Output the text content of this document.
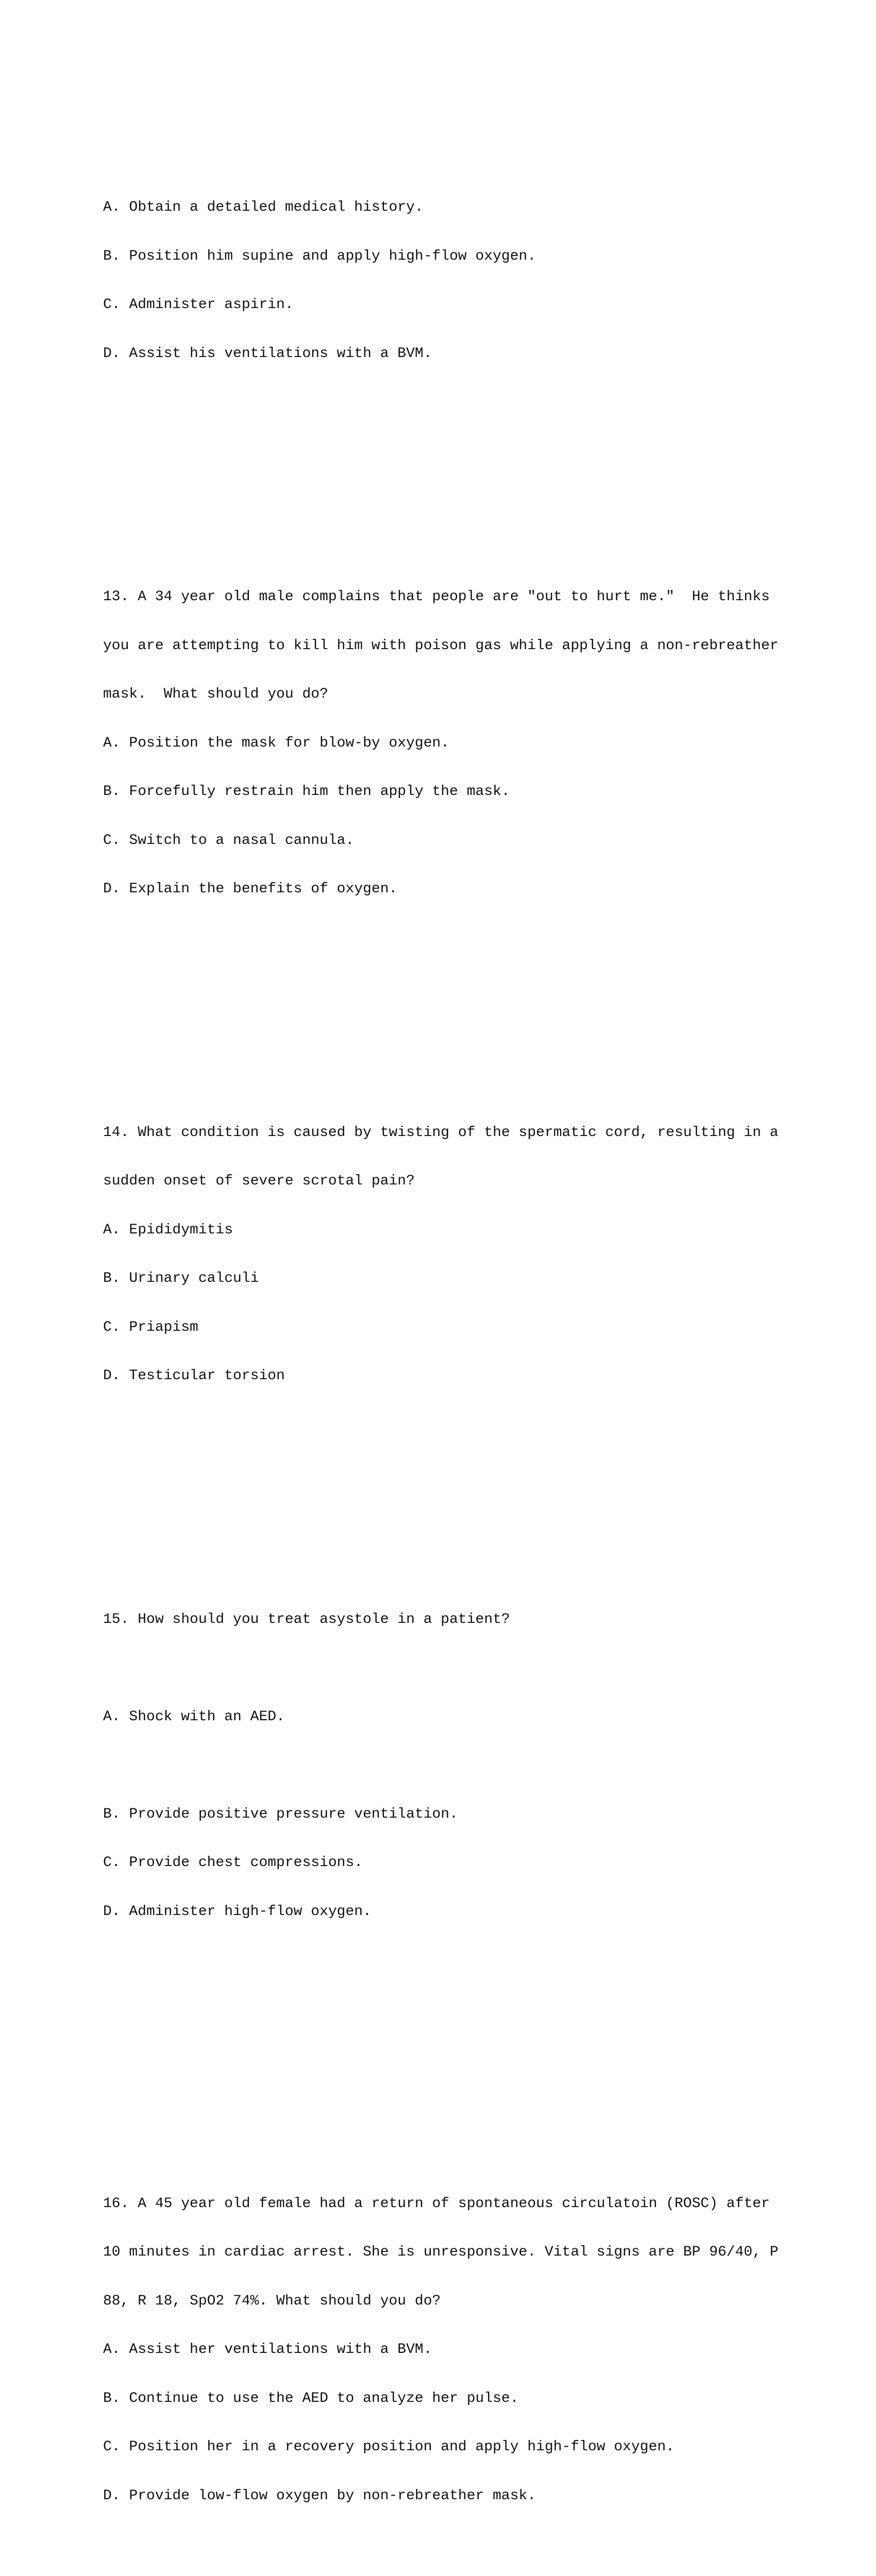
A. Obtain a detailed medical history.

B. Position him supine and apply high-flow oxygen.

C. Administer aspirin.

D. Assist his ventilations with a BVM.

13. A 34 year old male complains that people are "out to hurt me."  He thinks

you are attempting to kill him with poison gas while applying a non-rebreather

mask.  What should you do?

A. Position the mask for blow-by oxygen.

B. Forcefully restrain him then apply the mask.

C. Switch to a nasal cannula.

D. Explain the benefits of oxygen.

14. What condition is caused by twisting of the spermatic cord, resulting in a

sudden onset of severe scrotal pain?

A. Epididymitis

B. Urinary calculi

C. Priapism

D. Testicular torsion

15. How should you treat asystole in a patient?

A. Shock with an AED.

B. Provide positive pressure ventilation.

C. Provide chest compressions.

D. Administer high-flow oxygen.

16. A 45 year old female had a return of spontaneous circulatoin (ROSC) after

10 minutes in cardiac arrest. She is unresponsive. Vital signs are BP 96/40, P

88, R 18, SpO2 74%. What should you do?

A. Assist her ventilations with a BVM.

B. Continue to use the AED to analyze her pulse.

C. Position her in a recovery position and apply high-flow oxygen.

D. Provide low-flow oxygen by non-rebreather mask.
